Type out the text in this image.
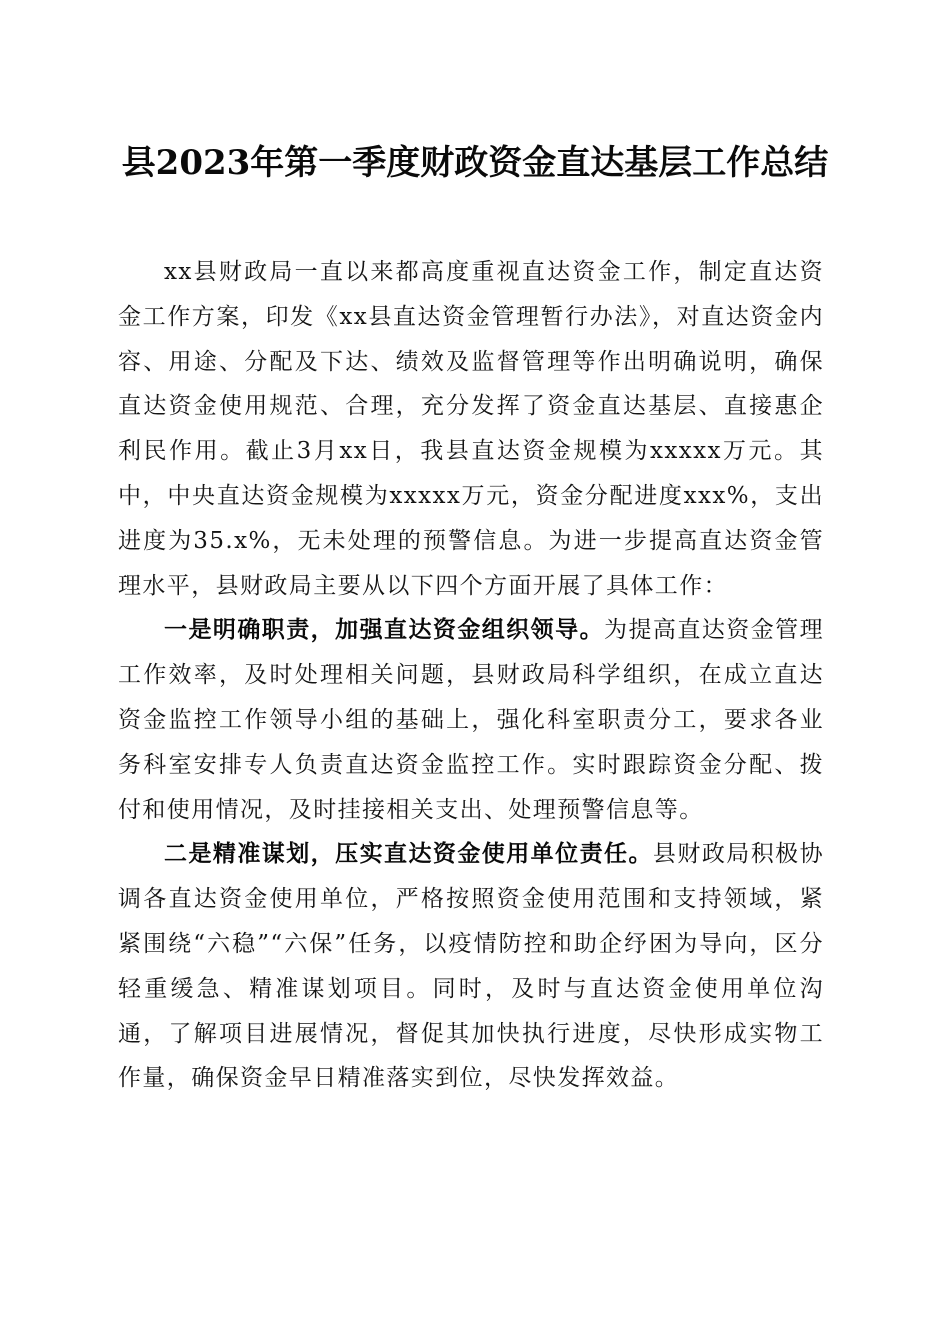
县2023年第一季度财政资金直达基层工作总结

xx县财政局一直以来都高度重视直达资金工作，制定直达资金工作方案，印发《xx县直达资金管理暂行办法》，对直达资金内容、用途、分配及下达、绩效及监督管理等作出明确说明，确保直达资金使用规范、合理，充分发挥了资金直达基层、直接惠企利民作用。截止3月xx日，我县直达资金规模为xxxxx万元。其中，中央直达资金规模为xxxxx万元，资金分配进度xxx%，支出进度为35.x%，无未处理的预警信息。为进一步提高直达资金管理水平，县财政局主要从以下四个方面开展了具体工作：

一是明确职责，加强直达资金组织领导。为提高直达资金管理工作效率，及时处理相关问题，县财政局科学组织，在成立直达资金监控工作领导小组的基础上，强化科室职责分工，要求各业务科室安排专人负责直达资金监控工作。实时跟踪资金分配、拨付和使用情况，及时挂接相关支出、处理预警信息等。

二是精准谋划，压实直达资金使用单位责任。县财政局积极协调各直达资金使用单位，严格按照资金使用范围和支持领域，紧紧围绕“六稳”“六保”任务，以疫情防控和助企纾困为导向，区分轻重缓急、精准谋划项目。同时，及时与直达资金使用单位沟通，了解项目进展情况，督促其加快执行进度，尽快形成实物工作量，确保资金早日精准落实到位，尽快发挥效益。
